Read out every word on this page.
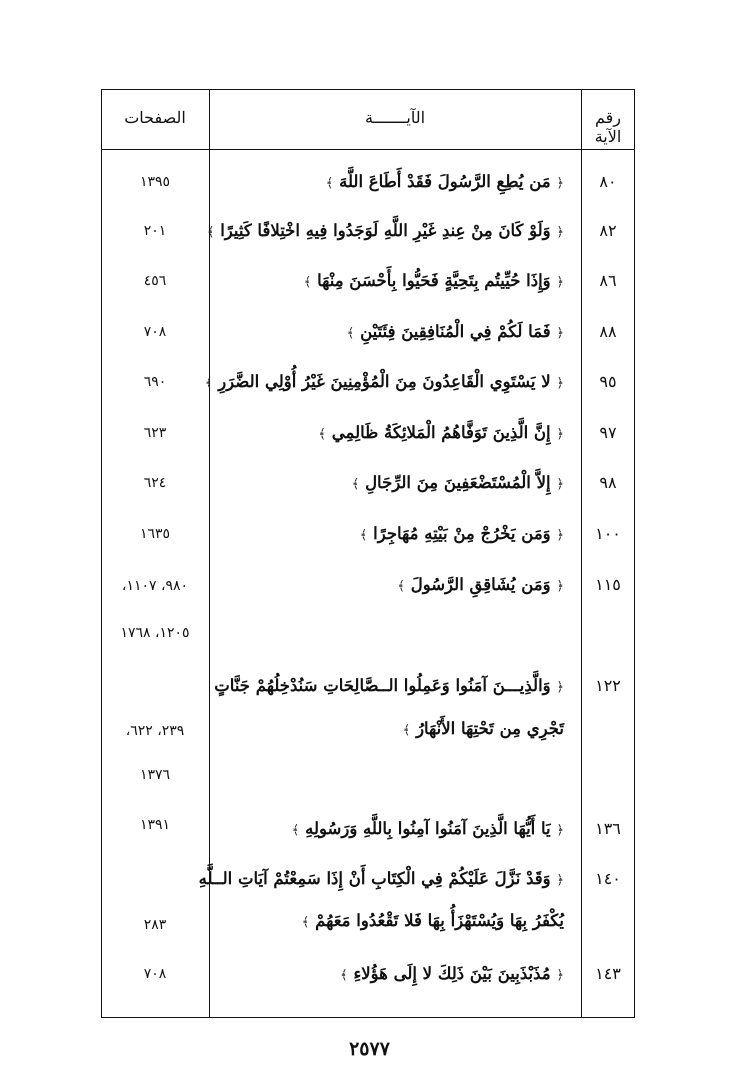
رقم الآية
الآيـــــــة
الصفحات
٨٠
﴿ مَن يُطِعِ الرَّسُولَ فَقَدْ أَطَاعَ اللَّهَ ﴾
١٣٩٥
٨٢
﴿ وَلَوْ كَانَ مِنْ عِندِ غَيْرِ اللَّهِ لَوَجَدُوا فِيهِ اخْتِلافًا كَثِيرًا ﴾
٢٠١
٨٦
﴿ وَإِذَا حُيِّيتُم بِتَحِيَّةٍ فَحَيُّوا بِأَحْسَنَ مِنْهَا ﴾
٤٥٦
٨٨
﴿ فَمَا لَكُمْ فِي الْمُنَافِقِينَ فِئَتَيْنِ ﴾
٧٠٨
٩٥
﴿ لا يَسْتَوِي الْقَاعِدُونَ مِنَ الْمُؤْمِنِينَ غَيْرُ أُوْلِي الضَّرَرِ ﴾
٦٩٠
٩٧
﴿ إِنَّ الَّذِينَ تَوَفَّاهُمُ الْمَلائِكَةُ ظَالِمِي ﴾
٦٢٣
٩٨
﴿ إِلاَّ الْمُسْتَضْعَفِينَ مِنَ الرِّجَالِ ﴾
٦٢٤
١٠٠
﴿ وَمَن يَخْرُجْ مِنْ بَيْتِهِ مُهَاجِرًا ﴾
١٦٣٥
١١٥
﴿ وَمَن يُشَاقِقِ الرَّسُولَ ﴾
٩٨٠، ١١٠٧،
١٢٠٥، ١٧٦٨
١٢٢
﴿ وَالَّذِيـــنَ آمَنُوا وَعَمِلُوا الــصَّالِحَاتِ سَنُدْخِلُهُمْ جَنَّاتٍ
تَجْرِي مِن تَحْتِهَا الأَنْهَارُ ﴾
٢٣٩، ٦٢٢،
١٣٧٦
١٣٦
﴿ يَا أَيُّهَا الَّذِينَ آمَنُوا آمِنُوا بِاللَّهِ وَرَسُولِهِ ﴾
١٣٩١
١٤٠
﴿ وَقَدْ نَزَّلَ عَلَيْكُمْ فِي الْكِتَابِ أَنْ إِذَا سَمِعْتُمْ آيَاتِ الــلَّهِ
يُكْفَرُ بِهَا وَيُسْتَهْزَأُ بِهَا فَلا تَقْعُدُوا مَعَهُمْ ﴾
٢٨٣
١٤٣
﴿ مُذَبْذَبِينَ بَيْنَ ذَلِكَ لا إِلَى هَؤُلاءِ ﴾
٧٠٨
٢٥٧٧
